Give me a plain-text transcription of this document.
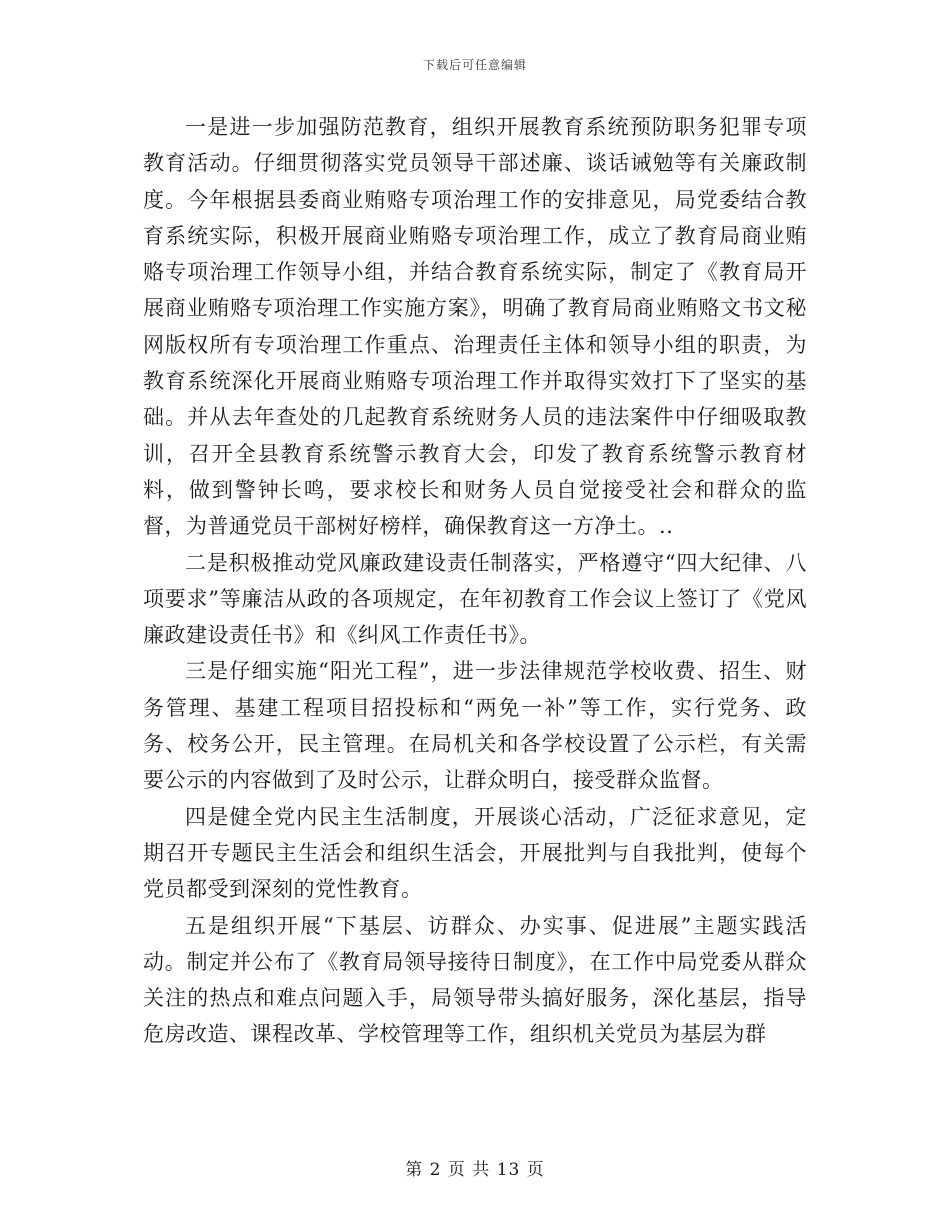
下载后可任意编辑

一是进一步加强防范教育，组织开展教育系统预防职务犯罪专项教育活动。仔细贯彻落实党员领导干部述廉、谈话诫勉等有关廉政制度。今年根据县委商业贿赂专项治理工作的安排意见，局党委结合教育系统实际，积极开展商业贿赂专项治理工作，成立了教育局商业贿赂专项治理工作领导小组，并结合教育系统实际，制定了《教育局开展商业贿赂专项治理工作实施方案》，明确了教育局商业贿赂文书文秘网版权所有专项治理工作重点、治理责任主体和领导小组的职责，为教育系统深化开展商业贿赂专项治理工作并取得实效打下了坚实的基础。并从去年查处的几起教育系统财务人员的违法案件中仔细吸取教训，召开全县教育系统警示教育大会，印发了教育系统警示教育材料，做到警钟长鸣，要求校长和财务人员自觉接受社会和群众的监督，为普通党员干部树好榜样，确保教育这一方净土。..

二是积极推动党风廉政建设责任制落实，严格遵守“四大纪律、八项要求”等廉洁从政的各项规定，在年初教育工作会议上签订了《党风廉政建设责任书》和《纠风工作责任书》。

三是仔细实施“阳光工程”，进一步法律规范学校收费、招生、财务管理、基建工程项目招投标和“两免一补”等工作，实行党务、政务、校务公开，民主管理。在局机关和各学校设置了公示栏，有关需要公示的内容做到了及时公示，让群众明白，接受群众监督。

四是健全党内民主生活制度，开展谈心活动，广泛征求意见，定期召开专题民主生活会和组织生活会，开展批判与自我批判，使每个党员都受到深刻的党性教育。

五是组织开展“下基层、访群众、办实事、促进展”主题实践活动。制定并公布了《教育局领导接待日制度》，在工作中局党委从群众关注的热点和难点问题入手，局领导带头搞好服务，深化基层，指导危房改造、课程改革、学校管理等工作，组织机关党员为基层为群

第 2 页 共 13 页
